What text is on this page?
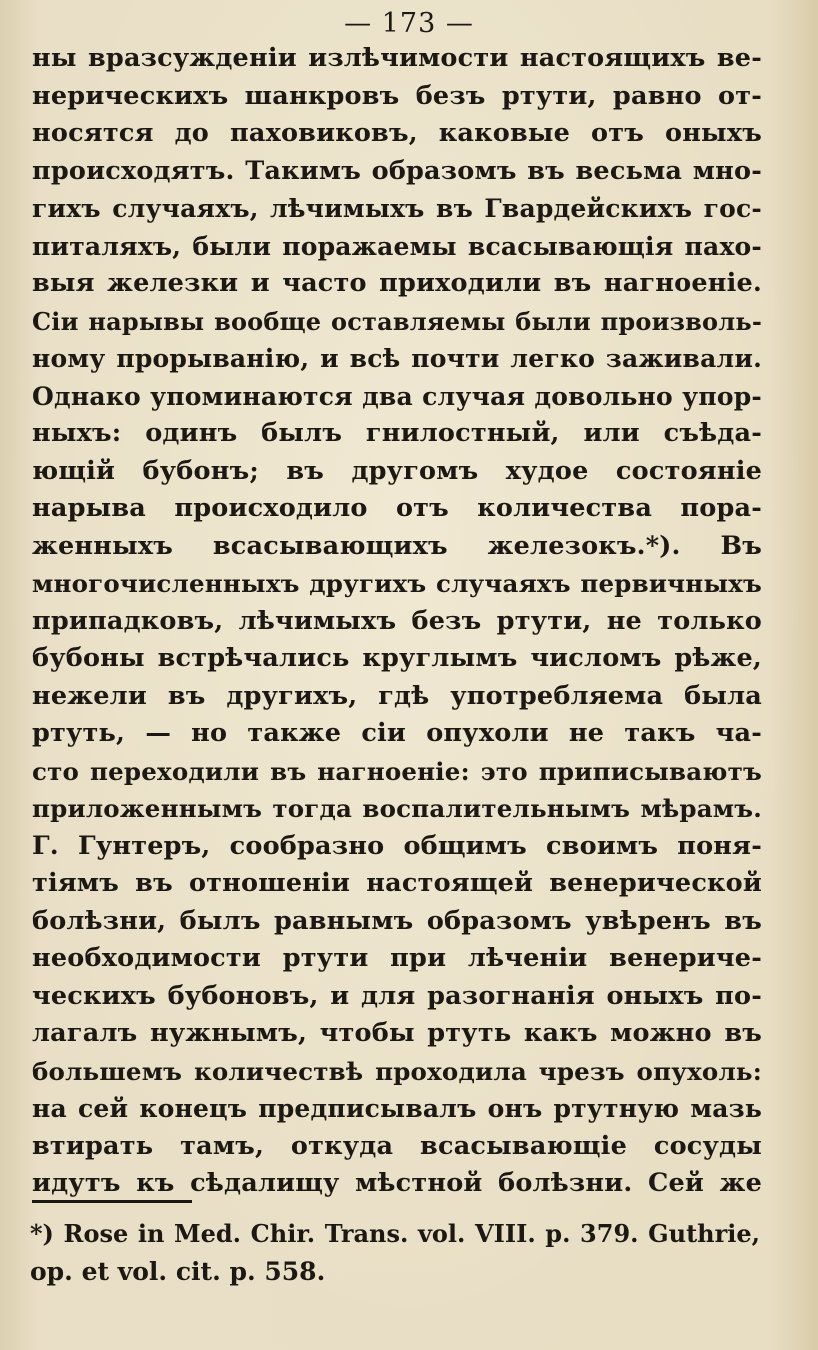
— 173 —
ны вразсужденіи излѣчимости настоящихъ ве-
нерическихъ шанкровъ безъ ртути, равно от-
носятся до паховиковъ, каковые отъ оныхъ
происходятъ. Такимъ образомъ въ весьма мно-
гихъ случаяхъ, лѣчимыхъ въ Гвардейскихъ гос-
питаляхъ, были поражаемы всасывающія пахо-
выя железки и часто приходили въ нагноеніе.
Сіи нарывы вообще оставляемы были произволь-
ному прорыванію, и всѣ почти легко заживали.
Однако упоминаются два случая довольно упор-
ныхъ: одинъ былъ гнилостный, или съѣда-
ющій бубонъ; въ другомъ худое состояніе
нарыва происходило отъ количества пора-
женныхъ всасывающихъ железокъ.*). Въ
многочисленныхъ другихъ случаяхъ первичныхъ
припадковъ, лѣчимыхъ безъ ртути, не только
бубоны встрѣчались круглымъ числомъ рѣже,
нежели въ другихъ, гдѣ употребляема была
ртуть, — но также сіи опухоли не такъ ча-
сто переходили въ нагноеніе: это приписываютъ
приложеннымъ тогда воспалительнымъ мѣрамъ.
Г. Гунтеръ, сообразно общимъ своимъ поня-
тіямъ въ отношеніи настоящей венерической
болѣзни, былъ равнымъ образомъ увѣренъ въ
необходимости ртути при лѣченіи венериче-
ческихъ бубоновъ, и для разогнанія оныхъ по-
лагалъ нужнымъ, чтобы ртуть какъ можно въ
большемъ количествѣ проходила чрезъ опухоль:
на сей конецъ предписывалъ онъ ртутную мазь
втирать тамъ, откуда всасывающіе сосуды
идутъ къ сѣдалищу мѣстной болѣзни. Сей же
*) Rose in Med. Chir. Trans. vol. VIII. p. 379. Guthrie,
op. et vol. cit. p. 558.
